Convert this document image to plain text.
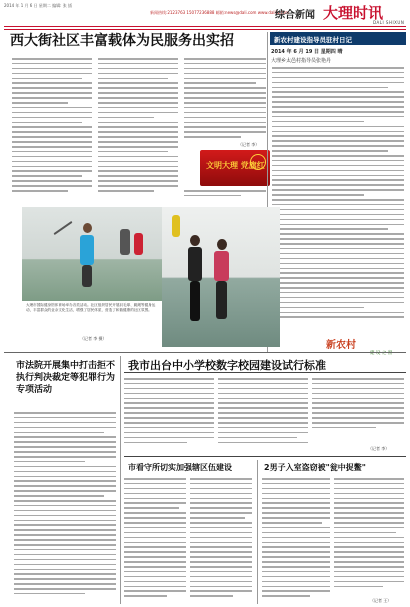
2014 年 1 月 6 日 星期二 编辑: 张 插
新闻热线:2123763 15077236888 邮箱:news@dali.com www.dalitv.com
综合新闻 大理时讯
DALI SHIXUN
西大街社区丰富载体为民服务出实招
（记者 李）
文明大理 党旗红
新农村建设指导员驻村日记
2014 年 6 月 19 日 星期四 晴
大理乡太邑村指导员张艳丹
大理市国际健身馆体育场举办各类活动。社区组织居民开展羽毛球、跳绳等健身运动，丰富群众的业余文化生活，增强了居民体质，营造了和谐健康的社区氛围。
（记者 李 摄）
新农村
建 设 之 窗
市法院开展集中打击拒不执行判决裁定等犯罪行为专项活动
我市出台中小学校数字校园建设试行标准
（记者 李）
市看守所切实加强辖区伍建设	2男子入室盗窃被"瓮中捉鳖"
（记者 王）
